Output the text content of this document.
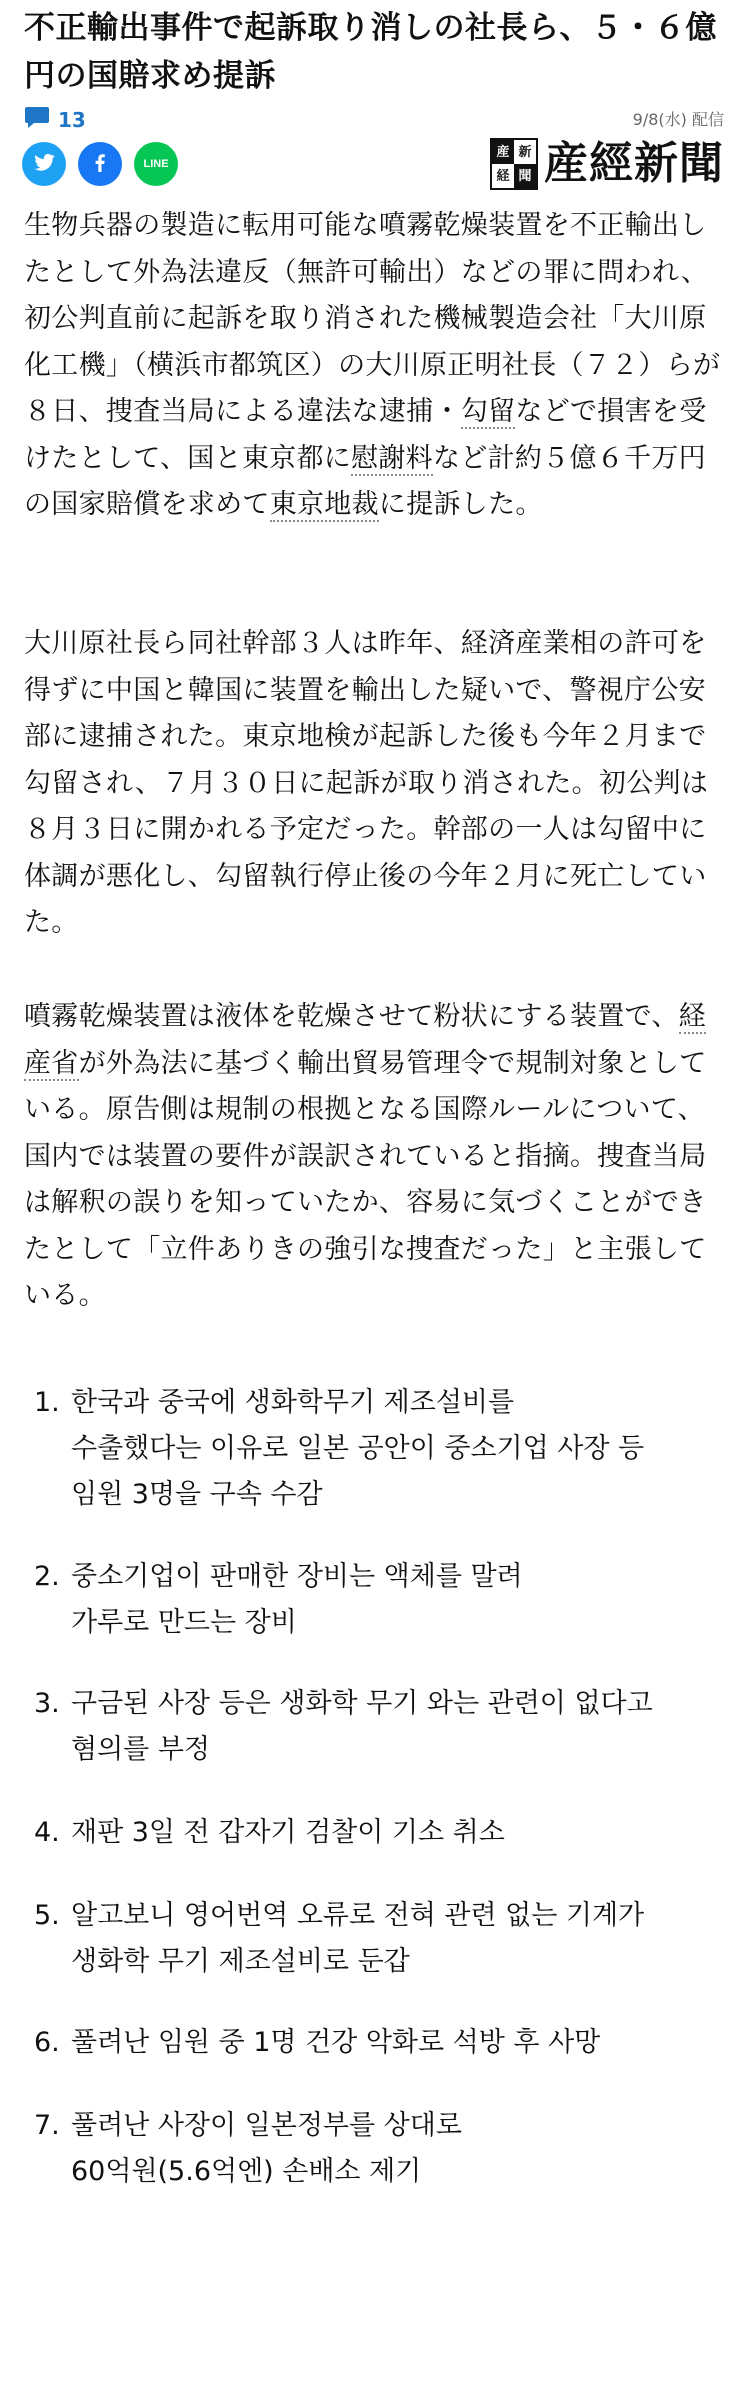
不正輸出事件で起訴取り消しの社長ら、５・６億円の国賠求め提訴
13	9/8(水) 配信
LINE
産 新
経 聞 産經新聞

生物兵器の製造に転用可能な噴霧乾燥装置を不正輸出したとして外為法違反（無許可輸出）などの罪に問われ、初公判直前に起訴を取り消された機械製造会社「大川原化工機」（横浜市都筑区）の大川原正明社長（７２）らが８日、捜査当局による違法な逮捕・勾留などで損害を受けたとして、国と東京都に慰謝料など計約５億６千万円の国家賠償を求めて東京地裁に提訴した。

大川原社長ら同社幹部３人は昨年、経済産業相の許可を得ずに中国と韓国に装置を輸出した疑いで、警視庁公安部に逮捕された。東京地検が起訴した後も今年２月まで勾留され、７月３０日に起訴が取り消された。初公判は８月３日に開かれる予定だった。幹部の一人は勾留中に体調が悪化し、勾留執行停止後の今年２月に死亡していた。

噴霧乾燥装置は液体を乾燥させて粉状にする装置で、経産省が外為法に基づく輸出貿易管理令で規制対象としている。原告側は規制の根拠となる国際ルールについて、国内では装置の要件が誤訳されていると指摘。捜査当局は解釈の誤りを知っていたか、容易に気づくことができたとして「立件ありきの強引な捜査だった」と主張している。

1. 한국과 중국에 생화학무기 제조설비를
수출했다는 이유로 일본 공안이 중소기업 사장 등
임원 3명을 구속 수감
2. 중소기업이 판매한 장비는 액체를 말려
가루로 만드는 장비
3. 구금된 사장 등은 생화학 무기 와는 관련이 없다고
혐의를 부정
4. 재판 3일 전 갑자기 검찰이 기소 취소
5. 알고보니 영어번역 오류로 전혀 관련 없는 기계가
생화학 무기 제조설비로 둔갑
6. 풀려난 임원 중 1명 건강 악화로 석방 후 사망
7. 풀려난 사장이 일본정부를 상대로
60억원(5.6억엔) 손배소 제기
